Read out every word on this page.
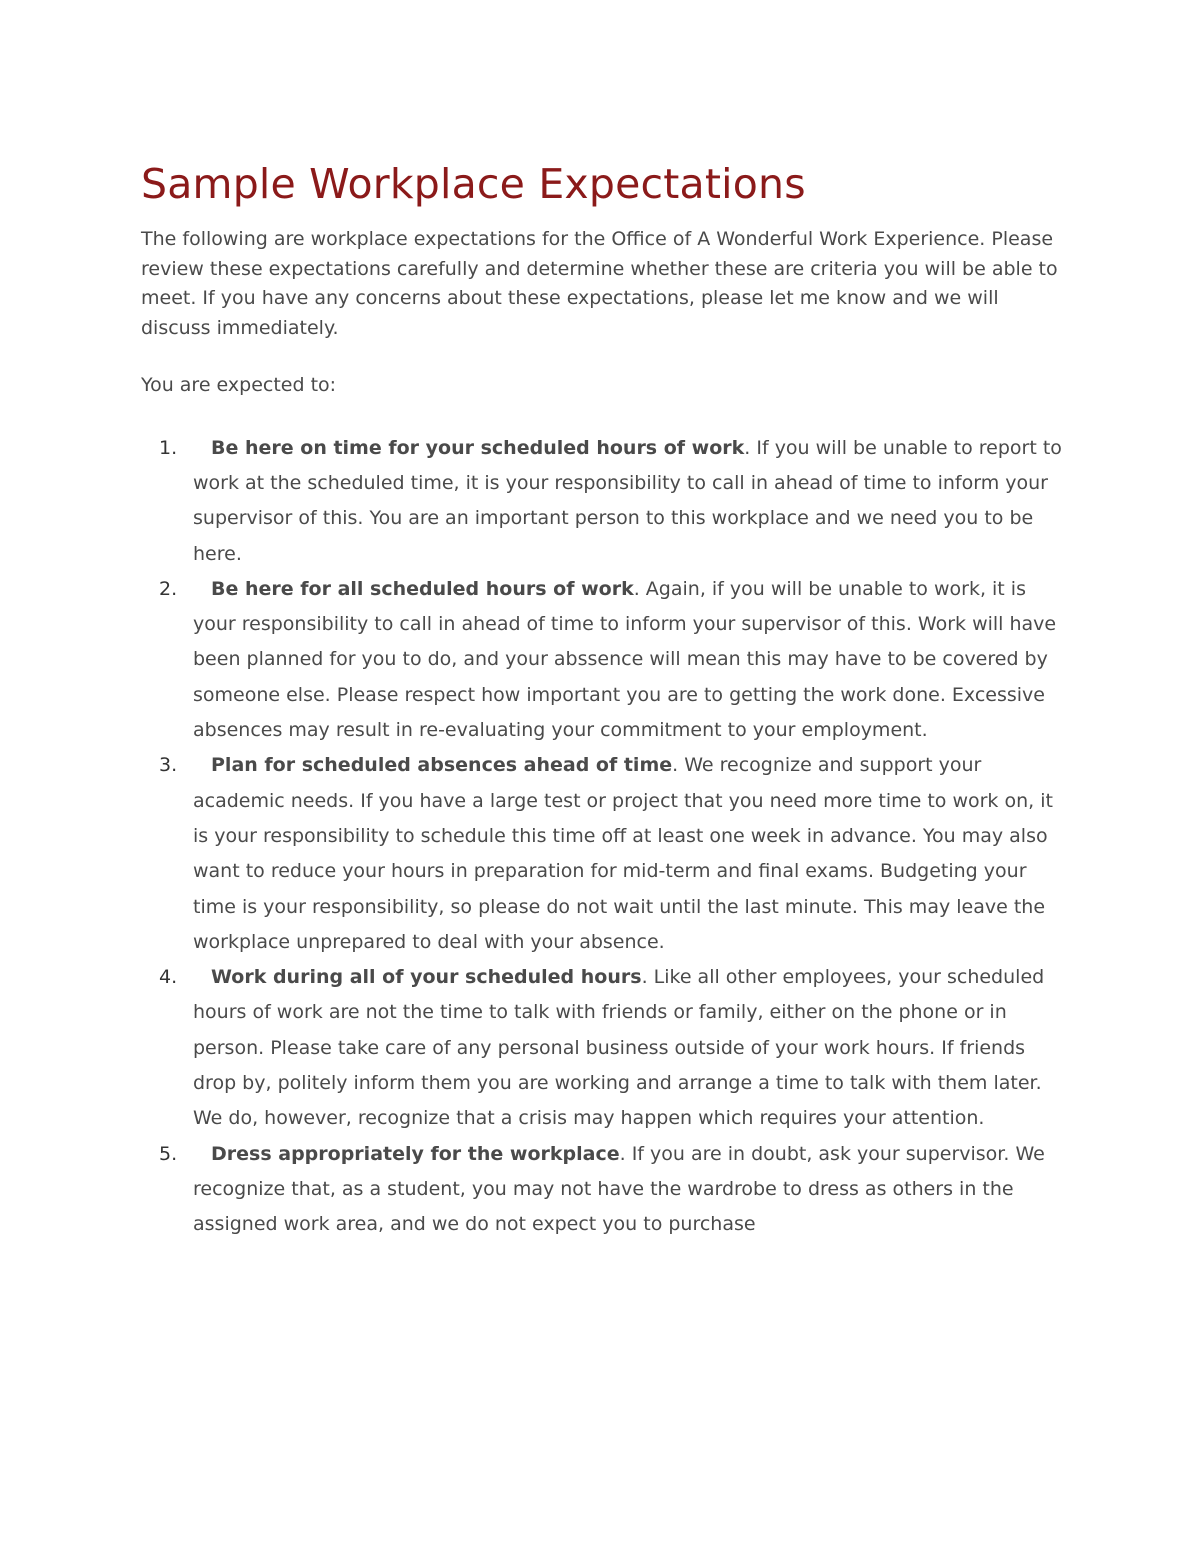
Sample Workplace Expectations

The following are workplace expectations for the Office of A Wonderful Work Experience. Please review these expectations carefully and determine whether these are criteria you will be able to meet. If you have any concerns about these expectations, please let me know and we will discuss immediately.

You are expected to:

1. Be here on time for your scheduled hours of work. If you will be unable to report to work at the scheduled time, it is your responsibility to call in ahead of time to inform your supervisor of this. You are an important person to this workplace and we need you to be here.
2. Be here for all scheduled hours of work. Again, if you will be unable to work, it is your responsibility to call in ahead of time to inform your supervisor of this. Work will have been planned for you to do, and your abssence will mean this may have to be covered by someone else. Please respect how important you are to getting the work done. Excessive absences may result in re-evaluating your commitment to your employment.
3. Plan for scheduled absences ahead of time. We recognize and support your academic needs. If you have a large test or project that you need more time to work on, it is your responsibility to schedule this time off at least one week in advance. You may also want to reduce your hours in preparation for mid-term and final exams. Budgeting your time is your responsibility, so please do not wait until the last minute. This may leave the workplace unprepared to deal with your absence.
4. Work during all of your scheduled hours. Like all other employees, your scheduled hours of work are not the time to talk with friends or family, either on the phone or in person. Please take care of any personal business outside of your work hours. If friends drop by, politely inform them you are working and arrange a time to talk with them later. We do, however, recognize that a crisis may happen which requires your attention.
5. Dress appropriately for the workplace. If you are in doubt, ask your supervisor. We recognize that, as a student, you may not have the wardrobe to dress as others in the assigned work area, and we do not expect you to purchase
